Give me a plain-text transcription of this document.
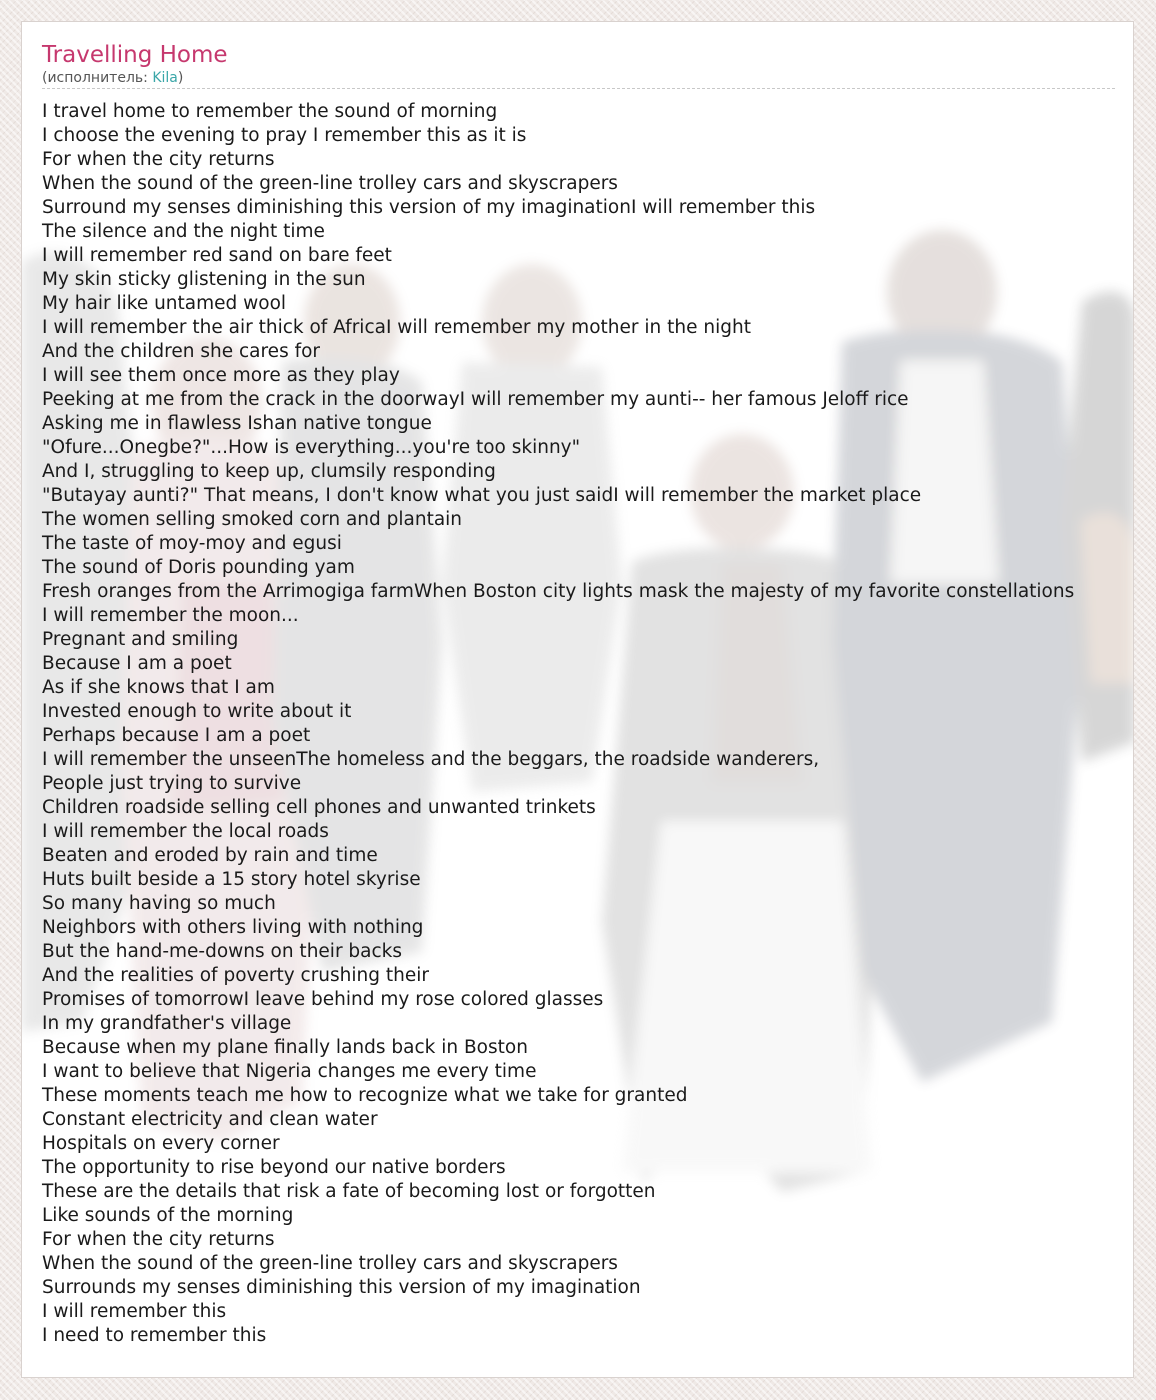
Travelling Home
(исполнитель: Kila)
I travel home to remember the sound of morning
I choose the evening to pray I remember this as it is
For when the city returns
When the sound of the green-line trolley cars and skyscrapers
Surround my senses diminishing this version of my imaginationI will remember this
The silence and the night time
I will remember red sand on bare feet
My skin sticky glistening in the sun
My hair like untamed wool
I will remember the air thick of AfricaI will remember my mother in the night
And the children she cares for
I will see them once more as they play
Peeking at me from the crack in the doorwayI will remember my aunti-- her famous Jeloff rice
Asking me in flawless Ishan native tongue
"Ofure...Onegbe?"...How is everything...you're too skinny"
And I, struggling to keep up, clumsily responding
"Butayay aunti?" That means, I don't know what you just saidI will remember the market place
The women selling smoked corn and plantain
The taste of moy-moy and egusi
The sound of Doris pounding yam
Fresh oranges from the Arrimogiga farmWhen Boston city lights mask the majesty of my favorite constellations
I will remember the moon...
Pregnant and smiling
Because I am a poet
As if she knows that I am
Invested enough to write about it
Perhaps because I am a poet
I will remember the unseenThe homeless and the beggars, the roadside wanderers,
People just trying to survive
Children roadside selling cell phones and unwanted trinkets
I will remember the local roads
Beaten and eroded by rain and time
Huts built beside a 15 story hotel skyrise
So many having so much
Neighbors with others living with nothing
But the hand-me-downs on their backs
And the realities of poverty crushing their
Promises of tomorrowI leave behind my rose colored glasses
In my grandfather's village
Because when my plane finally lands back in Boston
I want to believe that Nigeria changes me every time
These moments teach me how to recognize what we take for granted
Constant electricity and clean water
Hospitals on every corner
The opportunity to rise beyond our native borders
These are the details that risk a fate of becoming lost or forgotten
Like sounds of the morning
For when the city returns
When the sound of the green-line trolley cars and skyscrapers
Surrounds my senses diminishing this version of my imagination
I will remember this
I need to remember this
